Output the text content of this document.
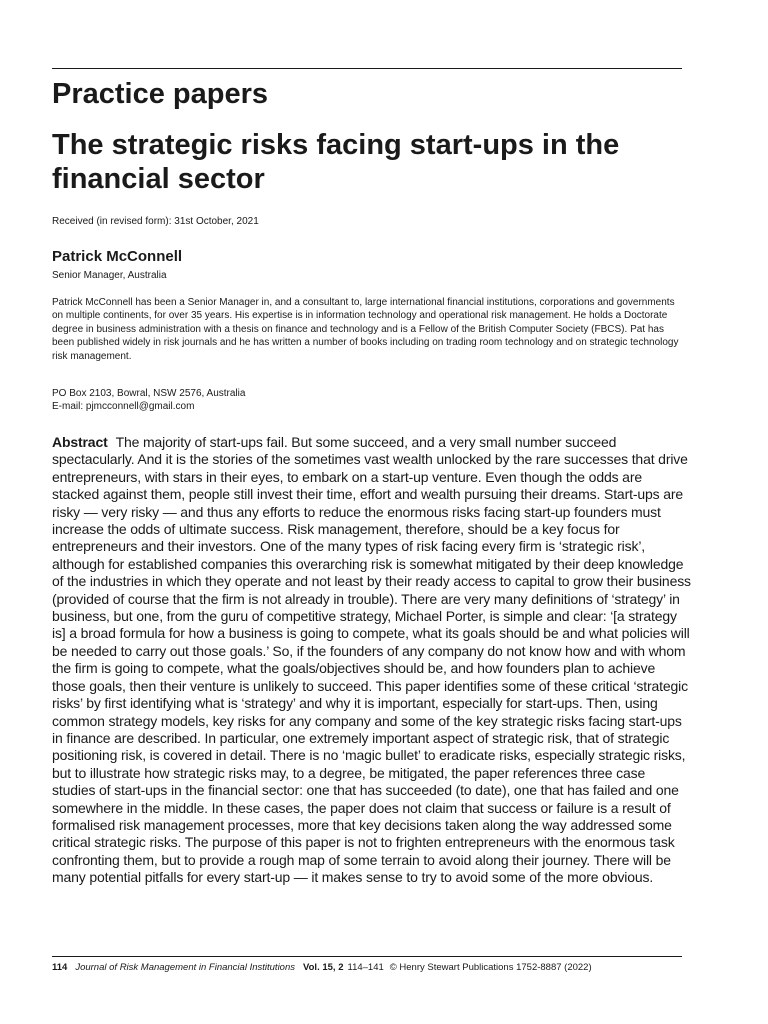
Practice papers
The strategic risks facing start-ups in the financial sector
Received (in revised form): 31st October, 2021
Patrick McConnell
Senior Manager, Australia

Patrick McConnell has been a Senior Manager in, and a consultant to, large international financial institutions, corporations and governments on multiple continents, for over 35 years. His expertise is in information technology and operational risk management. He holds a Doctorate degree in business administration with a thesis on finance and technology and is a Fellow of the British Computer Society (FBCS). Pat has been published widely in risk journals and he has written a number of books including on trading room technology and on strategic technology risk management.

PO Box 2103, Bowral, NSW 2576, Australia
E-mail: pjmcconnell@gmail.com

Abstract The majority of start-ups fail. But some succeed, and a very small number succeed spectacularly. And it is the stories of the sometimes vast wealth unlocked by the rare successes that drive entrepreneurs, with stars in their eyes, to embark on a start-up venture. Even though the odds are stacked against them, people still invest their time, effort and wealth pursuing their dreams. Start-ups are risky — very risky — and thus any efforts to reduce the enormous risks facing start-up founders must increase the odds of ultimate success. Risk management, therefore, should be a key focus for entrepreneurs and their investors. One of the many types of risk facing every firm is ‘strategic risk’, although for established companies this overarching risk is somewhat mitigated by their deep knowledge of the industries in which they operate and not least by their ready access to capital to grow their business (provided of course that the firm is not already in trouble). There are very many definitions of ‘strategy’ in business, but one, from the guru of competitive strategy, Michael Porter, is simple and clear: ‘[a strategy is] a broad formula for how a business is going to compete, what its goals should be and what policies will be needed to carry out those goals.’ So, if the founders of any company do not know how and with whom the firm is going to compete, what the goals/objectives should be, and how founders plan to achieve those goals, then their venture is unlikely to succeed. This paper identifies some of these critical ‘strategic risks’ by first identifying what is ‘strategy’ and why it is important, especially for start-ups. Then, using common strategy models, key risks for any company and some of the key strategic risks facing start-ups in finance are described. In particular, one extremely important aspect of strategic risk, that of strategic positioning risk, is covered in detail. There is no ‘magic bullet’ to eradicate risks, especially strategic risks, but to illustrate how strategic risks may, to a degree, be mitigated, the paper references three case studies of start-ups in the financial sector: one that has succeeded (to date), one that has failed and one somewhere in the middle. In these cases, the paper does not claim that success or failure is a result of formalised risk management processes, more that key decisions taken along the way addressed some critical strategic risks. The purpose of this paper is not to frighten entrepreneurs with the enormous task confronting them, but to provide a rough map of some terrain to avoid along their journey. There will be many potential pitfalls for every start-up — it makes sense to try to avoid some of the more obvious.

114 Journal of Risk Management in Financial Institutions Vol. 15, 2 114–141 © Henry Stewart Publications 1752-8887 (2022)
